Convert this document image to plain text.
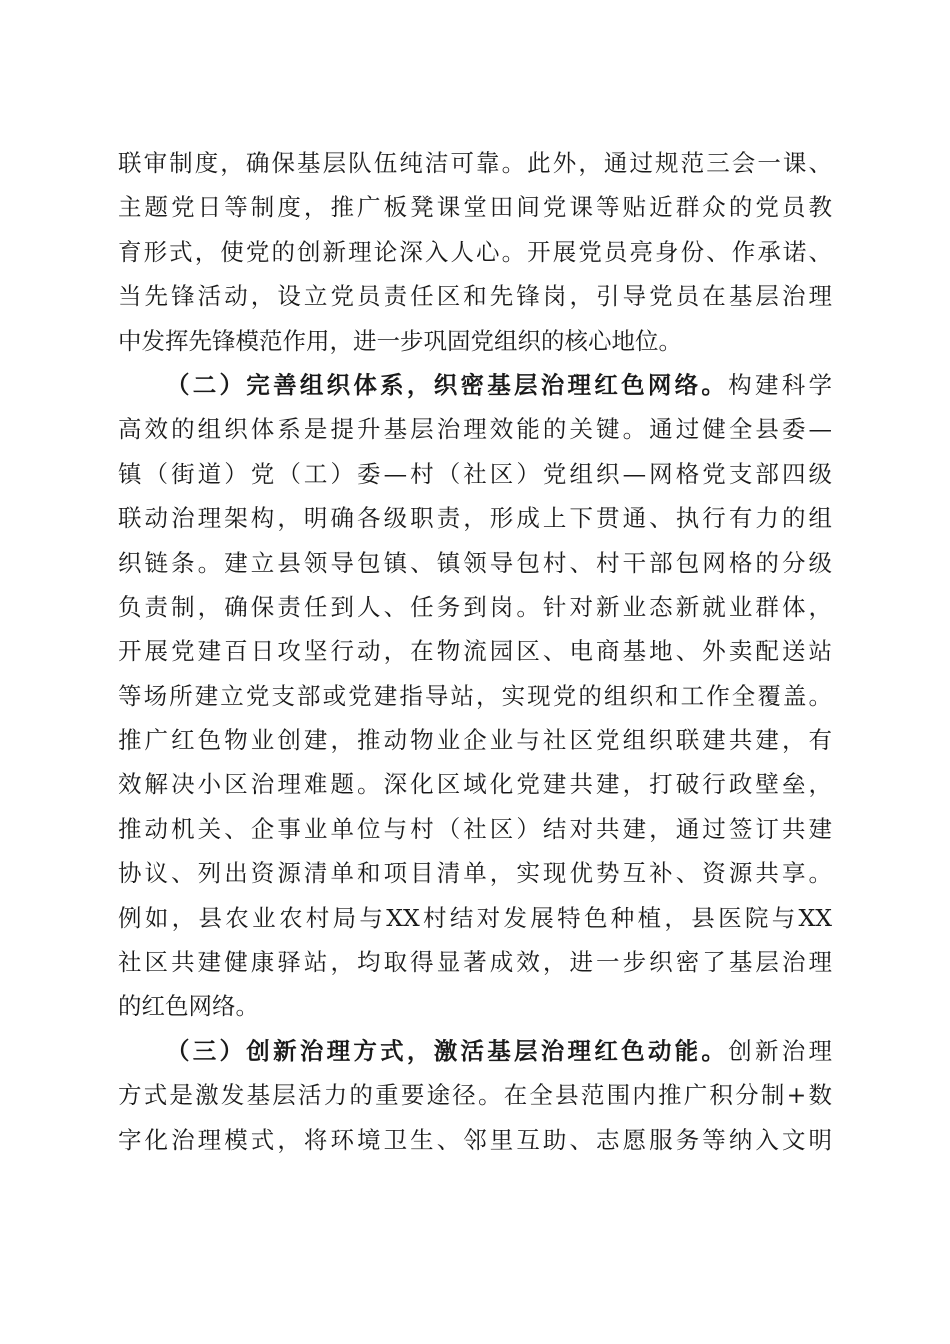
联审制度，确保基层队伍纯洁可靠。此外，通过规范三会一课、
主题党日等制度，推广板凳课堂田间党课等贴近群众的党员教
育形式，使党的创新理论深入人心。开展党员亮身份、作承诺、
当先锋活动，设立党员责任区和先锋岗，引导党员在基层治理
中发挥先锋模范作用，进一步巩固党组织的核心地位。
（二）完善组织体系，织密基层治理红色网络。构建科学
高效的组织体系是提升基层治理效能的关键。通过健全县委—
镇（街道）党（工）委—村（社区）党组织—网格党支部四级
联动治理架构，明确各级职责，形成上下贯通、执行有力的组
织链条。建立县领导包镇、镇领导包村、村干部包网格的分级
负责制，确保责任到人、任务到岗。针对新业态新就业群体，
开展党建百日攻坚行动，在物流园区、电商基地、外卖配送站
等场所建立党支部或党建指导站，实现党的组织和工作全覆盖。
推广红色物业创建，推动物业企业与社区党组织联建共建，有
效解决小区治理难题。深化区域化党建共建，打破行政壁垒，
推动机关、企事业单位与村（社区）结对共建，通过签订共建
协议、列出资源清单和项目清单，实现优势互补、资源共享。
例如，县农业农村局与XX村结对发展特色种植，县医院与XX
社区共建健康驿站，均取得显著成效，进一步织密了基层治理
的红色网络。
（三）创新治理方式，激活基层治理红色动能。创新治理
方式是激发基层活力的重要途径。在全县范围内推广积分制+数
字化治理模式，将环境卫生、邻里互助、志愿服务等纳入文明
